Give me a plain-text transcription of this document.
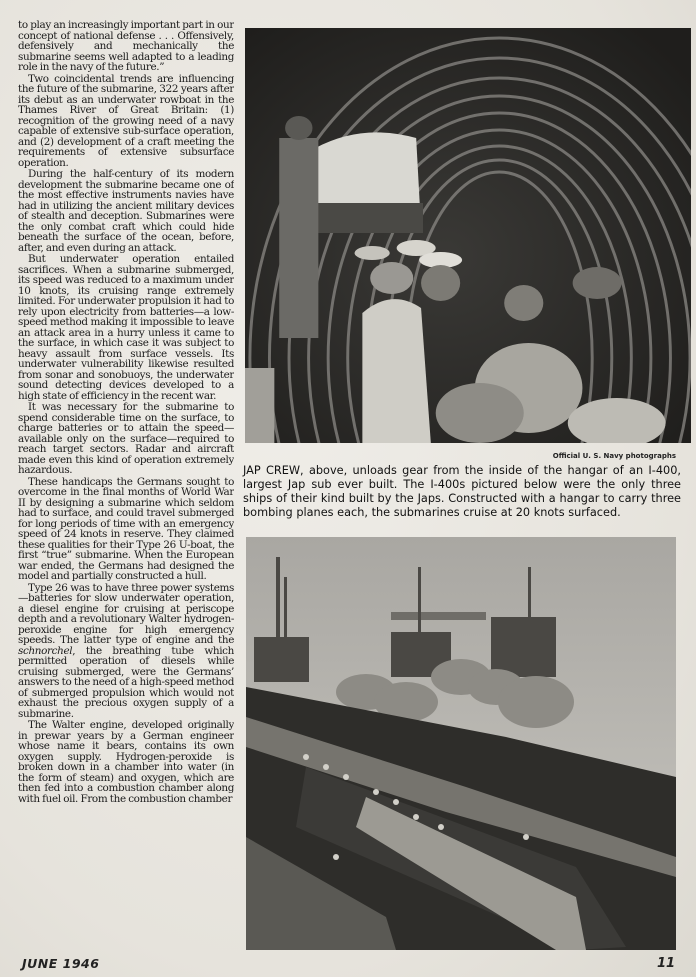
to play an increasingly important part in our concept of national defense . . . Offensively, defensively and mechanically the submarine seems well adapted to a leading role in the navy of the future.”

Two coincidental trends are influencing the future of the submarine, 322 years after its debut as an underwater rowboat in the Thames River of Great Britain: (1) recognition of the growing need of a navy capable of extensive sub-surface operation, and (2) development of a craft meeting the requirements of extensive subsurface operation.

During the half-century of its modern development the submarine became one of the most effective instruments navies have had in utilizing the ancient military devices of stealth and deception. Submarines were the only combat craft which could hide beneath the surface of the ocean, before, after, and even during an attack.

But underwater operation entailed sacrifices. When a submarine submerged, its speed was reduced to a maximum under 10 knots, its cruising range extremely limited. For underwater propulsion it had to rely upon electricity from batteries—a low-speed method making it impossible to leave an attack area in a hurry unless it came to the surface, in which case it was subject to heavy assault from surface vessels. Its underwater vulnerability likewise resulted from sonar and sonobuoys, the underwater sound detecting devices developed to a high state of efficiency in the recent war.

It was necessary for the submarine to spend considerable time on the surface, to charge batteries or to attain the speed—available only on the surface—required to reach target sectors. Radar and aircraft made even this kind of operation extremely hazardous.

These handicaps the Germans sought to overcome in the final months of World War II by designing a submarine which seldom had to surface, and could travel submerged for long periods of time with an emergency speed of 24 knots in reserve. They claimed these qualities for their Type 26 U-boat, the first “true” submarine. When the European war ended, the Germans had designed the model and partially constructed a hull.

Type 26 was to have three power systems—batteries for slow underwater operation, a diesel engine for cruising at periscope depth and a revolutionary Walter hydrogen-peroxide engine for high emergency speeds. The latter type of engine and the schnorchel, the breathing tube which permitted operation of diesels while cruising submerged, were the Germans’ answers to the need of a high-speed method of submerged propulsion which would not exhaust the precious oxygen supply of a submarine.

The Walter engine, developed originally in prewar years by a German engineer whose name it bears, contains its own oxygen supply. Hydrogen-peroxide is broken down in a chamber into water (in the form of steam) and oxygen, which are then fed into a combustion chamber along with fuel oil. From the combustion chamber

Official U. S. Navy photographs
JAP CREW, above, unloads gear from the inside of the hangar of an I-400, largest Jap sub ever built. The I-400s pictured below were the only three ships of their kind built by the Japs. Constructed with a hangar to carry three bombing planes each, the submarines cruise at 20 knots surfaced.
JUNE 1946	11
